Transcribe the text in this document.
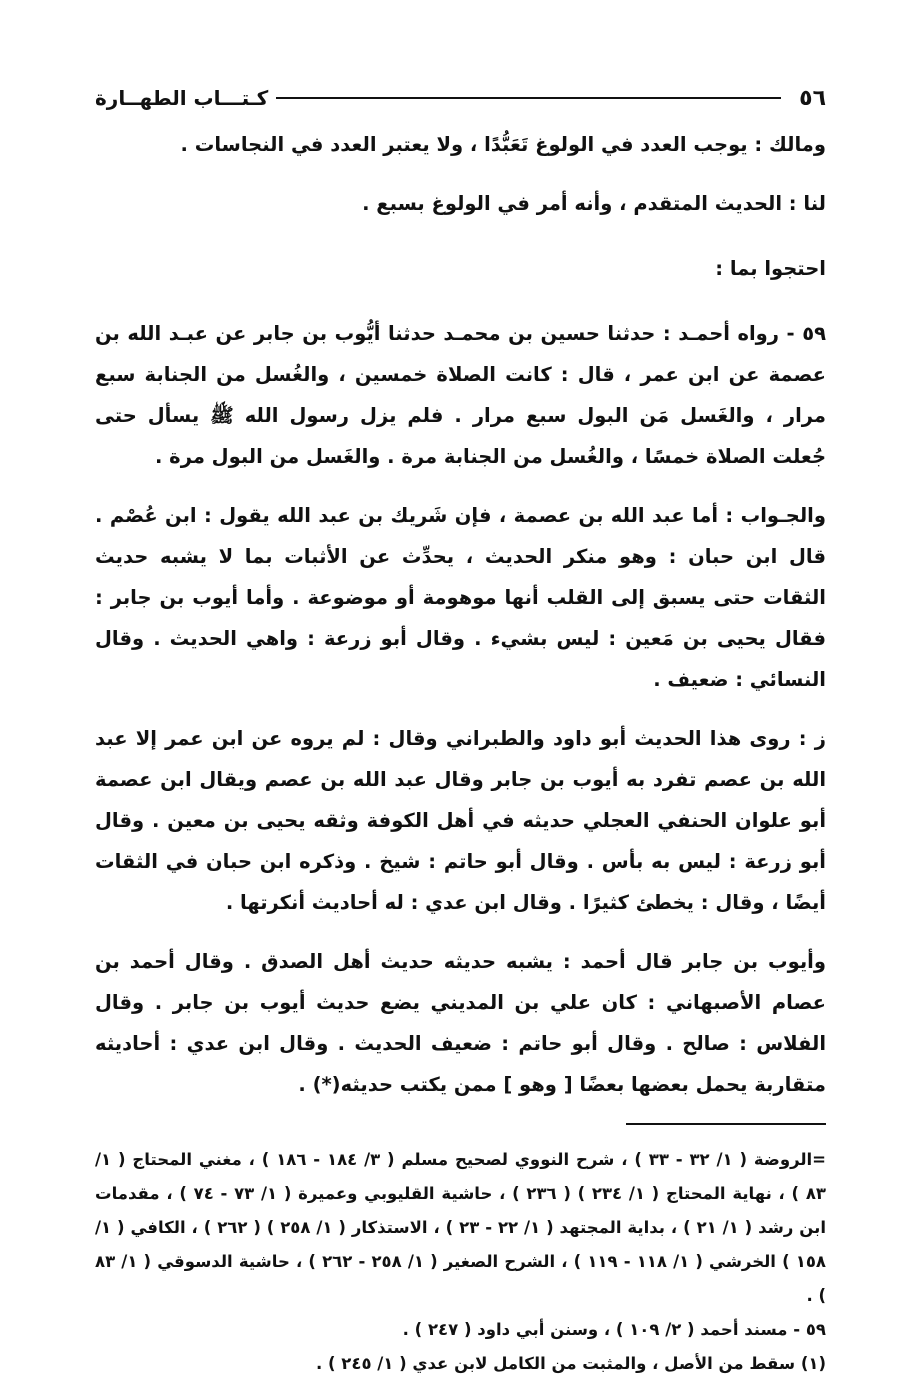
٥٦
كـتـــاب الطهــارة

ومالك : يوجب العدد في الولوغ تَعَبُّدًا ، ولا يعتبر العدد في النجاسات .

لنا : الحديث المتقدم ، وأنه أمر في الولوغ بسبع .

احتجوا بما :

٥٩ - رواه أحمـد : حدثنا حسين بن محمـد حدثنا أيُّوب بن جابر عن عبـد الله بن عصمة عن ابن عمر ، قال : كانت الصلاة خمسين ، والغُسل من الجنابة سبع مرار ، والغَسل مَن البول سبع مرار . فلم يزل رسول الله ﷺ يسأل حتى جُعلت الصلاة خمسًا ، والغُسل من الجنابة مرة . والغَسل من البول مرة .

والجـواب : أما عبد الله بن عصمة ، فإن شَريك بن عبد الله يقول : ابن عُصْم . قال ابن حبان : وهو منكر الحديث ، يحدِّث عن الأثبات بما لا يشبه حديث الثقات حتى يسبق إلى القلب أنها موهومة أو موضوعة . وأما أيوب بن جابر : فقال يحيى بن مَعين : ليس بشيء . وقال أبو زرعة : واهي الحديث . وقال النسائي : ضعيف .

ز : روى هذا الحديث أبو داود والطبراني وقال : لم يروه عن ابن عمر إلا عبد الله بن عصم تفرد به أيوب بن جابر وقال عبد الله بن عصم ويقال ابن عصمة أبو علوان الحنفي العجلي حديثه في أهل الكوفة وثقه يحيى بن معين . وقال أبو زرعة : ليس به بأس . وقال أبو حاتم : شيخ . وذكره ابن حبان في الثقات أيضًا ، وقال : يخطئ كثيرًا . وقال ابن عدي : له أحاديث أنكرتها .

وأيوب بن جابر قال أحمد : يشبه حديثه حديث أهل الصدق . وقال أحمد بن عصام الأصبهاني : كان علي بن المديني يضع حديث أيوب بن جابر . وقال الفلاس : صالح . وقال أبو حاتم : ضعيف الحديث . وقال ابن عدي : أحاديثه متقاربة يحمل بعضها بعضًا [ وهو ] ممن يكتب حديثه(*) .

=الروضة ( ١/ ٣٢ - ٣٣ ) ، شرح النووي لصحيح مسلم ( ٣/ ١٨٤ - ١٨٦ ) ، مغني المحتاج ( ١/ ٨٣ ) ، نهاية المحتاج ( ١/ ٢٣٤ ) ( ٢٣٦ ) ، حاشية القليوبي وعميرة ( ١/ ٧٣ - ٧٤ ) ، مقدمات ابن رشد ( ١/ ٢١ ) ، بداية المجتهد ( ١/ ٢٢ - ٢٣ ) ، الاستذكار ( ١/ ٢٥٨ ) ( ٢٦٢ ) ، الكافي ( ١/ ١٥٨ ) الخرشي ( ١/ ١١٨ - ١١٩ ) ، الشرح الصغير ( ١/ ٢٥٨ - ٢٦٢ ) ، حاشية الدسوقي ( ١/ ٨٣ ) .

٥٩ - مسند أحمد ( ٢/ ١٠٩ ) ، وسنن أبي داود ( ٢٤٧ ) .

(١) سقط من الأصل ، والمثبت من الكامل لابن عدي ( ١/ ٢٤٥ ) .
